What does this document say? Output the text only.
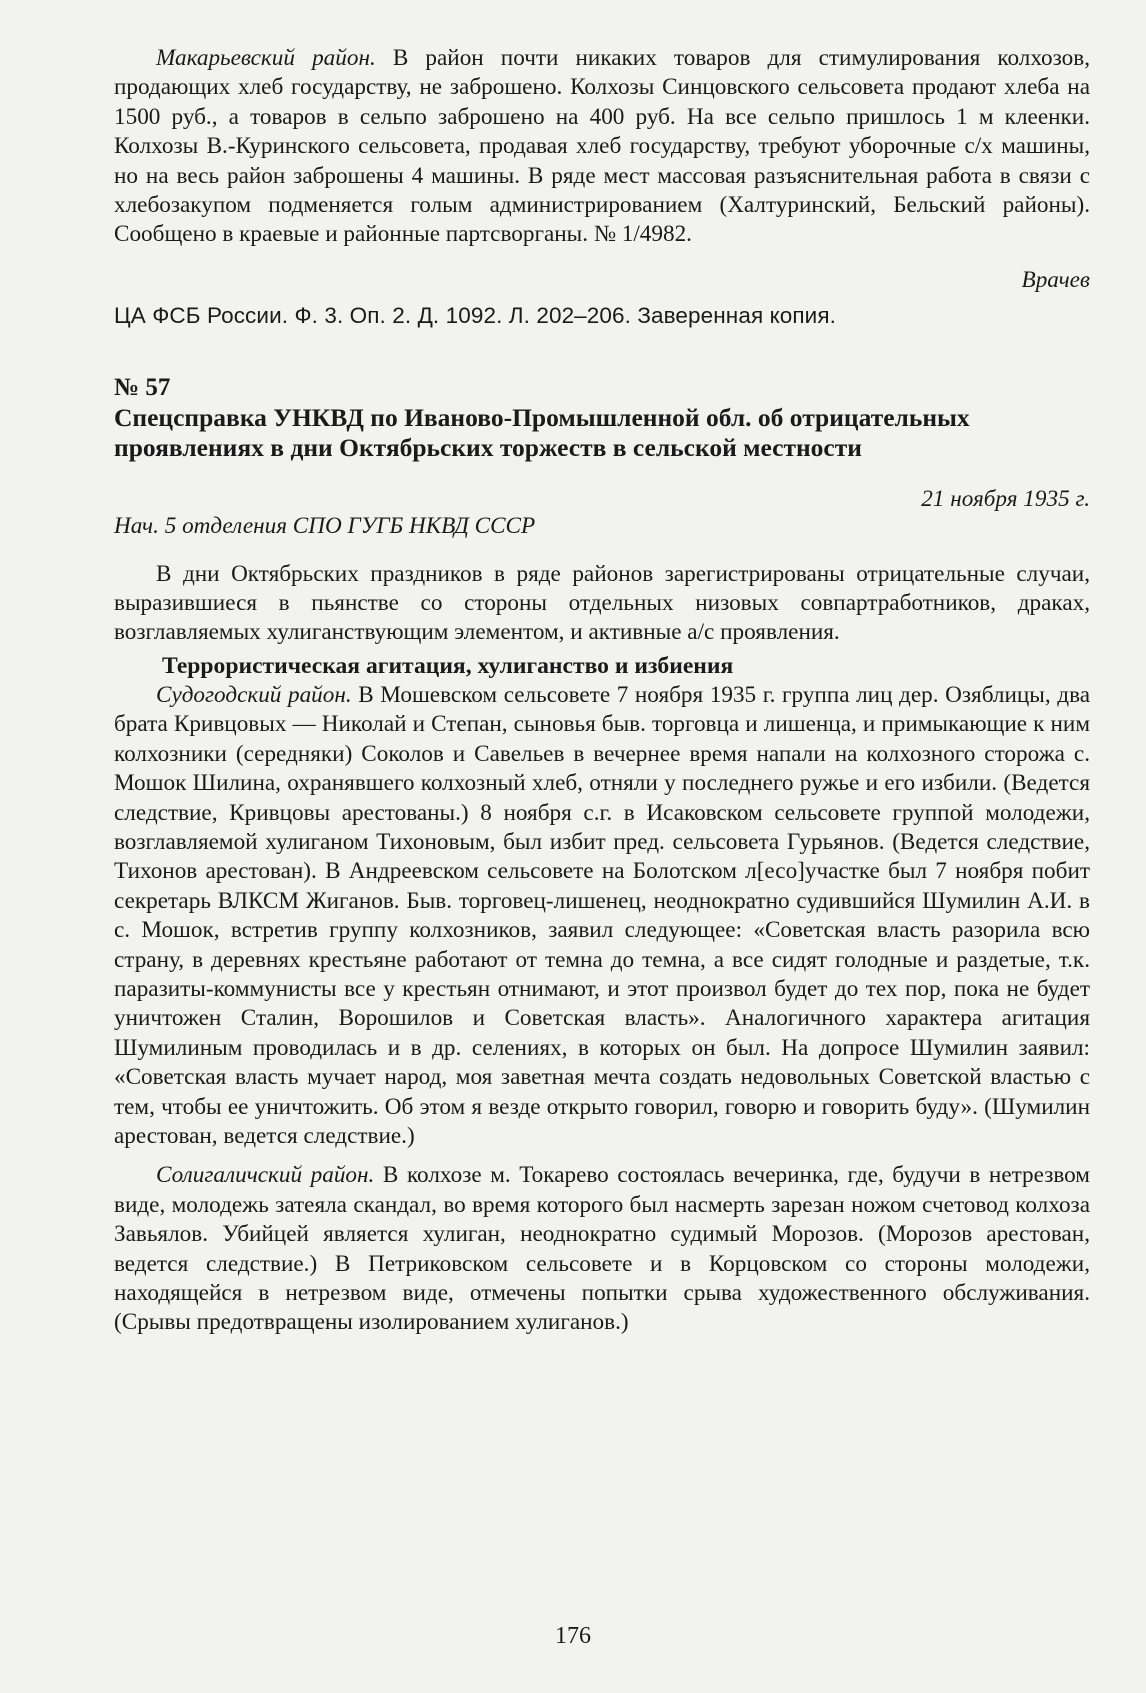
Макарьевский район. В район почти никаких товаров для стимулирования колхозов, продающих хлеб государству, не заброшено. Колхозы Синцовского сельсовета продают хлеба на 1500 руб., а товаров в сельпо заброшено на 400 руб. На все сельпо пришлось 1 м клеенки. Колхозы В.-Куринского сельсовета, продавая хлеб государству, требуют уборочные с/х машины, но на весь район заброшены 4 машины. В ряде мест массовая разъяснительная работа в связи с хлебозакупом подменяется голым администрированием (Халтуринский, Бельский районы). Сообщено в краевые и районные партсворганы. № 1/4982.

Врачев

ЦА ФСБ России. Ф. 3. Оп. 2. Д. 1092. Л. 202–206. Заверенная копия.

№ 57

Спецсправка УНКВД по Иваново-Промышленной обл. об отрицательных проявлениях в дни Октябрьских торжеств в сельской местности

21 ноября 1935 г.

Нач. 5 отделения СПО ГУГБ НКВД СССР

В дни Октябрьских праздников в ряде районов зарегистрированы отрицательные случаи, выразившиеся в пьянстве со стороны отдельных низовых совпартработников, драках, возглавляемых хулиганствующим элементом, и активные а/с проявления.

Террористическая агитация, хулиганство и избиения

Судогодский район. В Мошевском сельсовете 7 ноября 1935 г. группа лиц дер. Озяблицы, два брата Кривцовых — Николай и Степан, сыновья быв. торговца и лишенца, и примыкающие к ним колхозники (середняки) Соколов и Савельев в вечернее время напали на колхозного сторожа с. Мошок Шилина, охранявшего колхозный хлеб, отняли у последнего ружье и его избили. (Ведется следствие, Кривцовы арестованы.) 8 ноября с.г. в Исаковском сельсовете группой молодежи, возглавляемой хулиганом Тихоновым, был избит пред. сельсовета Гурьянов. (Ведется следствие, Тихонов арестован). В Андреевском сельсовете на Болотском л[есо]участке был 7 ноября побит секретарь ВЛКСМ Жиганов. Быв. торговец-лишенец, неоднократно судившийся Шумилин А.И. в с. Мошок, встретив группу колхозников, заявил следующее: «Советская власть разорила всю страну, в деревнях крестьяне работают от темна до темна, а все сидят голодные и раздетые, т.к. паразиты-коммунисты все у крестьян отнимают, и этот произвол будет до тех пор, пока не будет уничтожен Сталин, Ворошилов и Советская власть». Аналогичного характера агитация Шумилиным проводилась и в др. селениях, в которых он был. На допросе Шумилин заявил: «Советская власть мучает народ, моя заветная мечта создать недовольных Советской властью с тем, чтобы ее уничтожить. Об этом я везде открыто говорил, говорю и говорить буду». (Шумилин арестован, ведется следствие.)

Солигаличский район. В колхозе м. Токарево состоялась вечеринка, где, будучи в нетрезвом виде, молодежь затеяла скандал, во время которого был насмерть зарезан ножом счетовод колхоза Завьялов. Убийцей является хулиган, неоднократно судимый Морозов. (Морозов арестован, ведется следствие.) В Петриковском сельсовете и в Корцовском со стороны молодежи, находящейся в нетрезвом виде, отмечены попытки срыва художественного обслуживания. (Срывы предотвращены изолированием хулиганов.)

176
